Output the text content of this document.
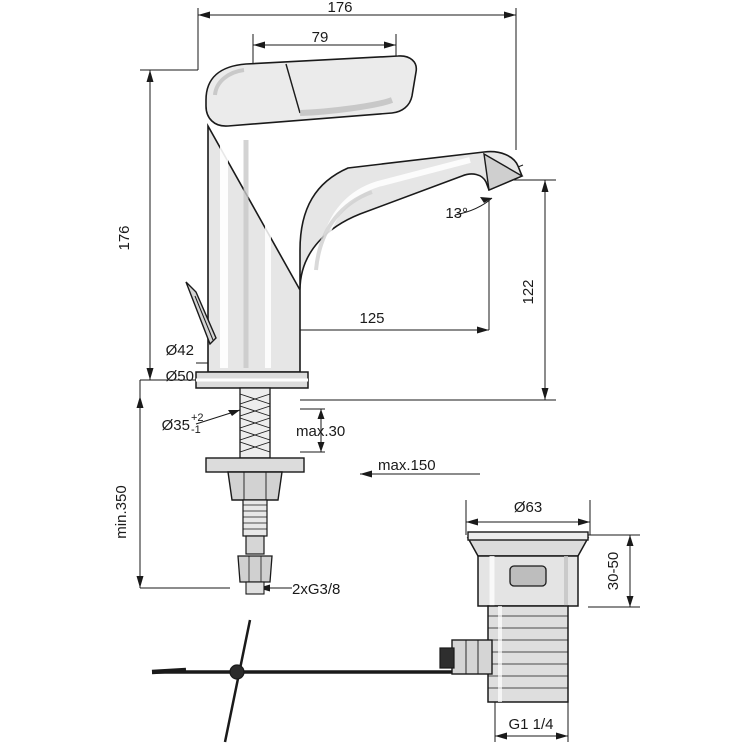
176
79
176
min.350
122
125
13°
Ø42
Ø50
Ø35 +2
-1	max.30
max.150
2xG3/8
Ø63
30-50
G1 1/4
